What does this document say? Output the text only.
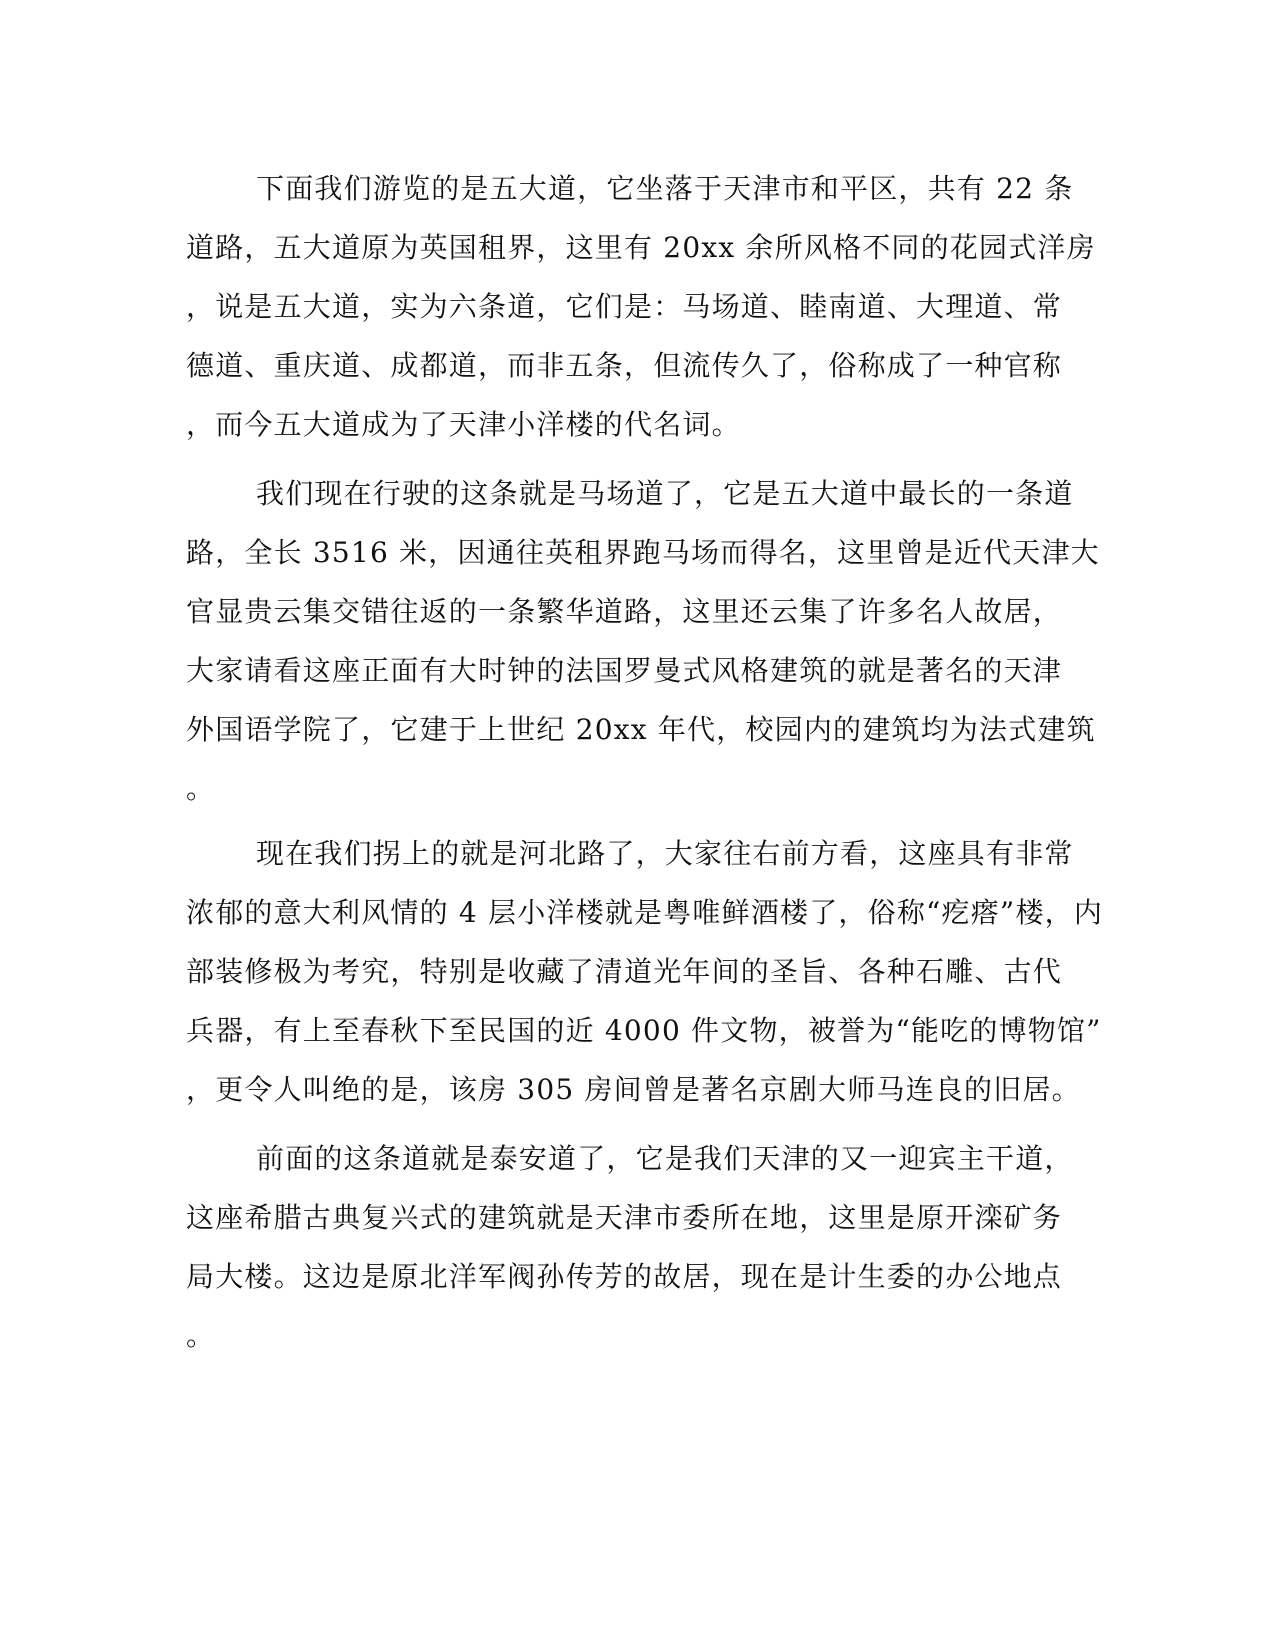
下面我们游览的是五大道，它坐落于天津市和平区，共有 22 条
道路，五大道原为英国租界，这里有 20xx 余所风格不同的花园式洋房
，说是五大道，实为六条道，它们是：马场道、睦南道、大理道、常
德道、重庆道、成都道，而非五条，但流传久了，俗称成了一种官称
，而今五大道成为了天津小洋楼的代名词。
我们现在行驶的这条就是马场道了，它是五大道中最长的一条道
路，全长 3516 米，因通往英租界跑马场而得名，这里曾是近代天津大
官显贵云集交错往返的一条繁华道路，这里还云集了许多名人故居，
大家请看这座正面有大时钟的法国罗曼式风格建筑的就是著名的天津
外国语学院了，它建于上世纪 20xx 年代，校园内的建筑均为法式建筑
。
现在我们拐上的就是河北路了，大家往右前方看，这座具有非常
浓郁的意大利风情的 4 层小洋楼就是粤唯鲜酒楼了，俗称“疙瘩”楼，内
部装修极为考究，特别是收藏了清道光年间的圣旨、各种石雕、古代
兵器，有上至春秋下至民国的近 4000 件文物，被誉为“能吃的博物馆”
，更令人叫绝的是，该房 305 房间曾是著名京剧大师马连良的旧居。
前面的这条道就是泰安道了，它是我们天津的又一迎宾主干道，
这座希腊古典复兴式的建筑就是天津市委所在地，这里是原开滦矿务
局大楼。这边是原北洋军阀孙传芳的故居，现在是计生委的办公地点
。
